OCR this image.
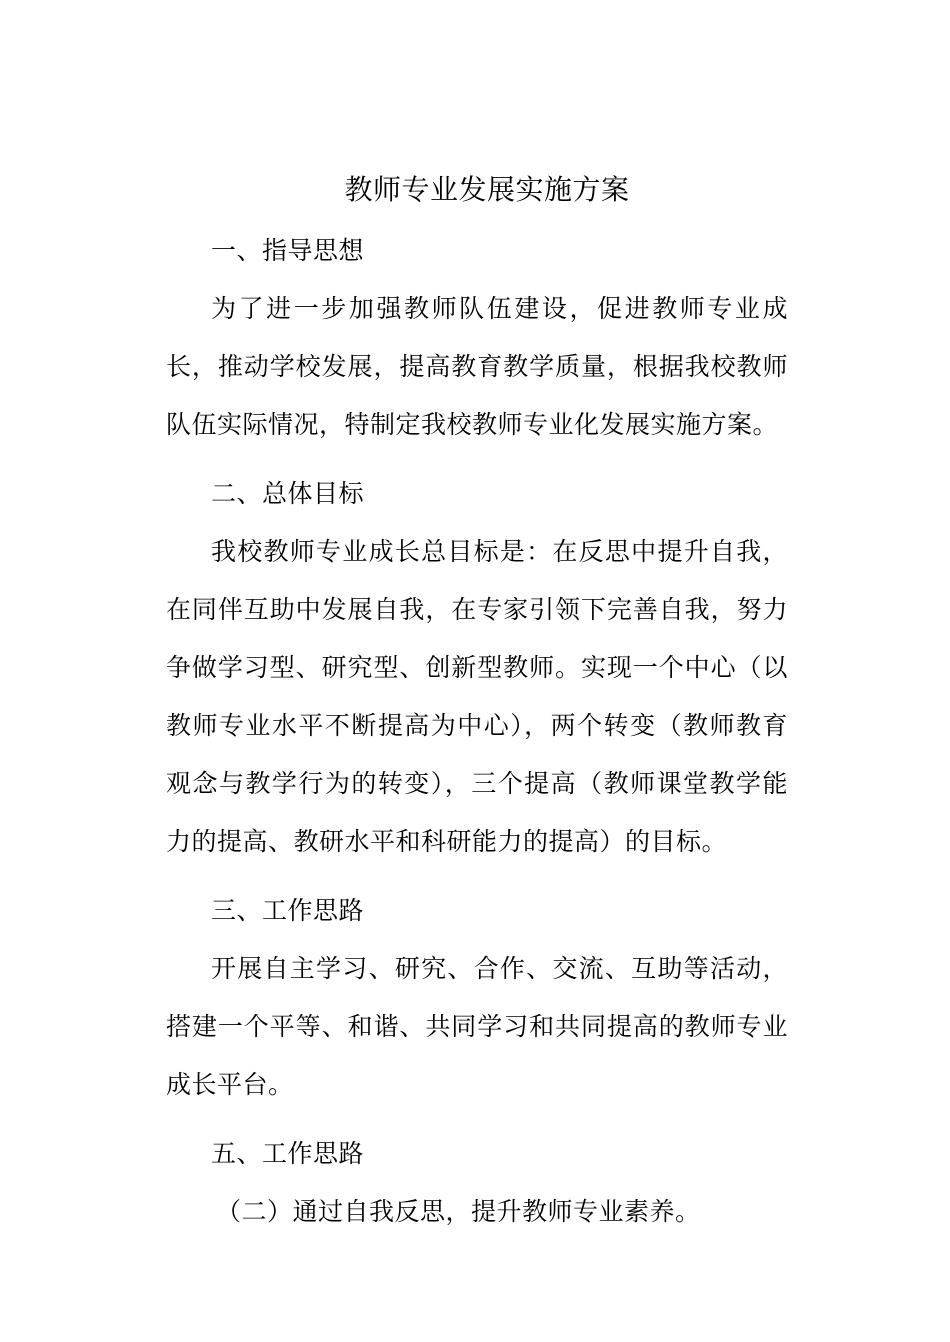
教师专业发展实施方案

一、指导思想

为了进一步加强教师队伍建设，促进教师专业成长，推动学校发展，提高教育教学质量，根据我校教师队伍实际情况，特制定我校教师专业化发展实施方案。

二、总体目标

我校教师专业成长总目标是：在反思中提升自我，在同伴互助中发展自我，在专家引领下完善自我，努力争做学习型、研究型、创新型教师。实现一个中心（以教师专业水平不断提高为中心），两个转变（教师教育观念与教学行为的转变），三个提高（教师课堂教学能力的提高、教研水平和科研能力的提高）的目标。

三、工作思路

开展自主学习、研究、合作、交流、互助等活动，搭建一个平等、和谐、共同学习和共同提高的教师专业成长平台。

五、工作思路

（二）通过自我反思，提升教师专业素养。
